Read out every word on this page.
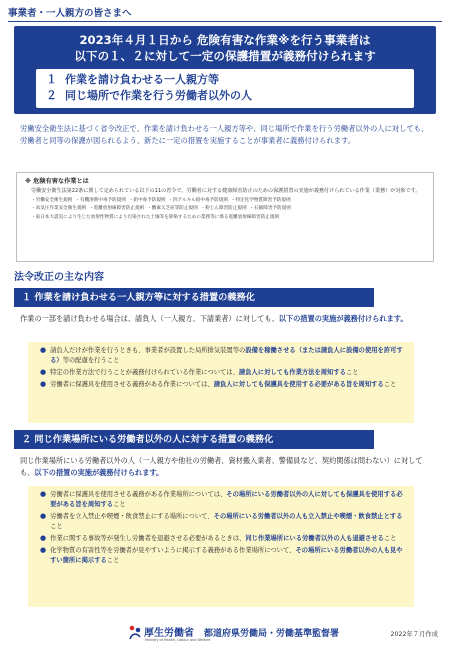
事業者・一人親方の皆さまへ
2023年４月１日から 危険有害な作業※を行う事業者は
以下の１、２に対して一定の保護措置が義務付けられます
１ 作業を請け負わせる一人親方等
２ 同じ場所で作業を行う労働者以外の人
労働安全衛生法に基づく省令改正で、作業を請け負わせる一人親方等や、同じ場所で作業を行う労働者以外の人に対しても、労働者と同等の保護が図られるよう、新たに一定の措置を実施することが事業者に義務付けられます。
※ 危険有害な作業とは
労働安全衛生法第22条に関して定められている以下の11の省令で、労働者に対する健康障害防止のための保護措置の実施が義務付けられている作業（業務）が対象です。
・労働安全衛生規則 ・有機溶剤中毒予防規則 ・鉛中毒予防規則 ・四アルキル鉛中毒予防規則 ・特定化学物質障害予防規則
・高気圧作業安全衛生規則 ・電離放射線障害防止規則 ・酸素欠乏症等防止規則 ・粉じん障害防止規則 ・石綿障害予防規則
・東日本大震災により生じた放射性物質により汚染された土壌等を除染するための業務等に係る電離放射線障害防止規則
法令改正の主な内容
１ 作業を請け負わせる一人親方等に対する措置の義務化
作業の一部を請け負わせる場合は、請負人（一人親方、下請業者）に対しても、以下の措置の実施が義務付けられます。
● 請負人だけが作業を行うときも、事業者が設置した局所排気装置等の設備を稼働させる（または請負人に設備の使用を許可する）等の配慮を行うこと
● 特定の作業方法で行うことが義務付けられている作業については、請負人に対しても作業方法を周知すること
● 労働者に保護具を使用させる義務がある作業については、請負人に対しても保護具を使用する必要がある旨を周知すること
２ 同じ作業場所にいる労働者以外の人に対する措置の義務化
同じ作業場所にいる労働者以外の人（一人親方や他社の労働者、資材搬入業者、警備員など、契約関係は問わない）に対しても、以下の措置の実施が義務付けられます。
● 労働者に保護具を使用させる義務がある作業場所については、その場所にいる労働者以外の人に対しても保護具を使用する必要がある旨を周知すること
● 労働者を立入禁止や喫煙・飲食禁止にする場所について、その場所にいる労働者以外の人も立入禁止や喫煙・飲食禁止とすること
● 作業に関する事故等が発生し労働者を退避させる必要があるときは、同じ作業場所にいる労働者以外の人も退避させること
● 化学物質の有害性等を労働者が見やすいように掲示する義務がある作業場所について、その場所にいる労働者以外の人も見やすい箇所に掲示すること
厚生労働省
Ministry of Health, Labour and Welfare
都道府県労働局・労働基準監督署	2022年７月作成
